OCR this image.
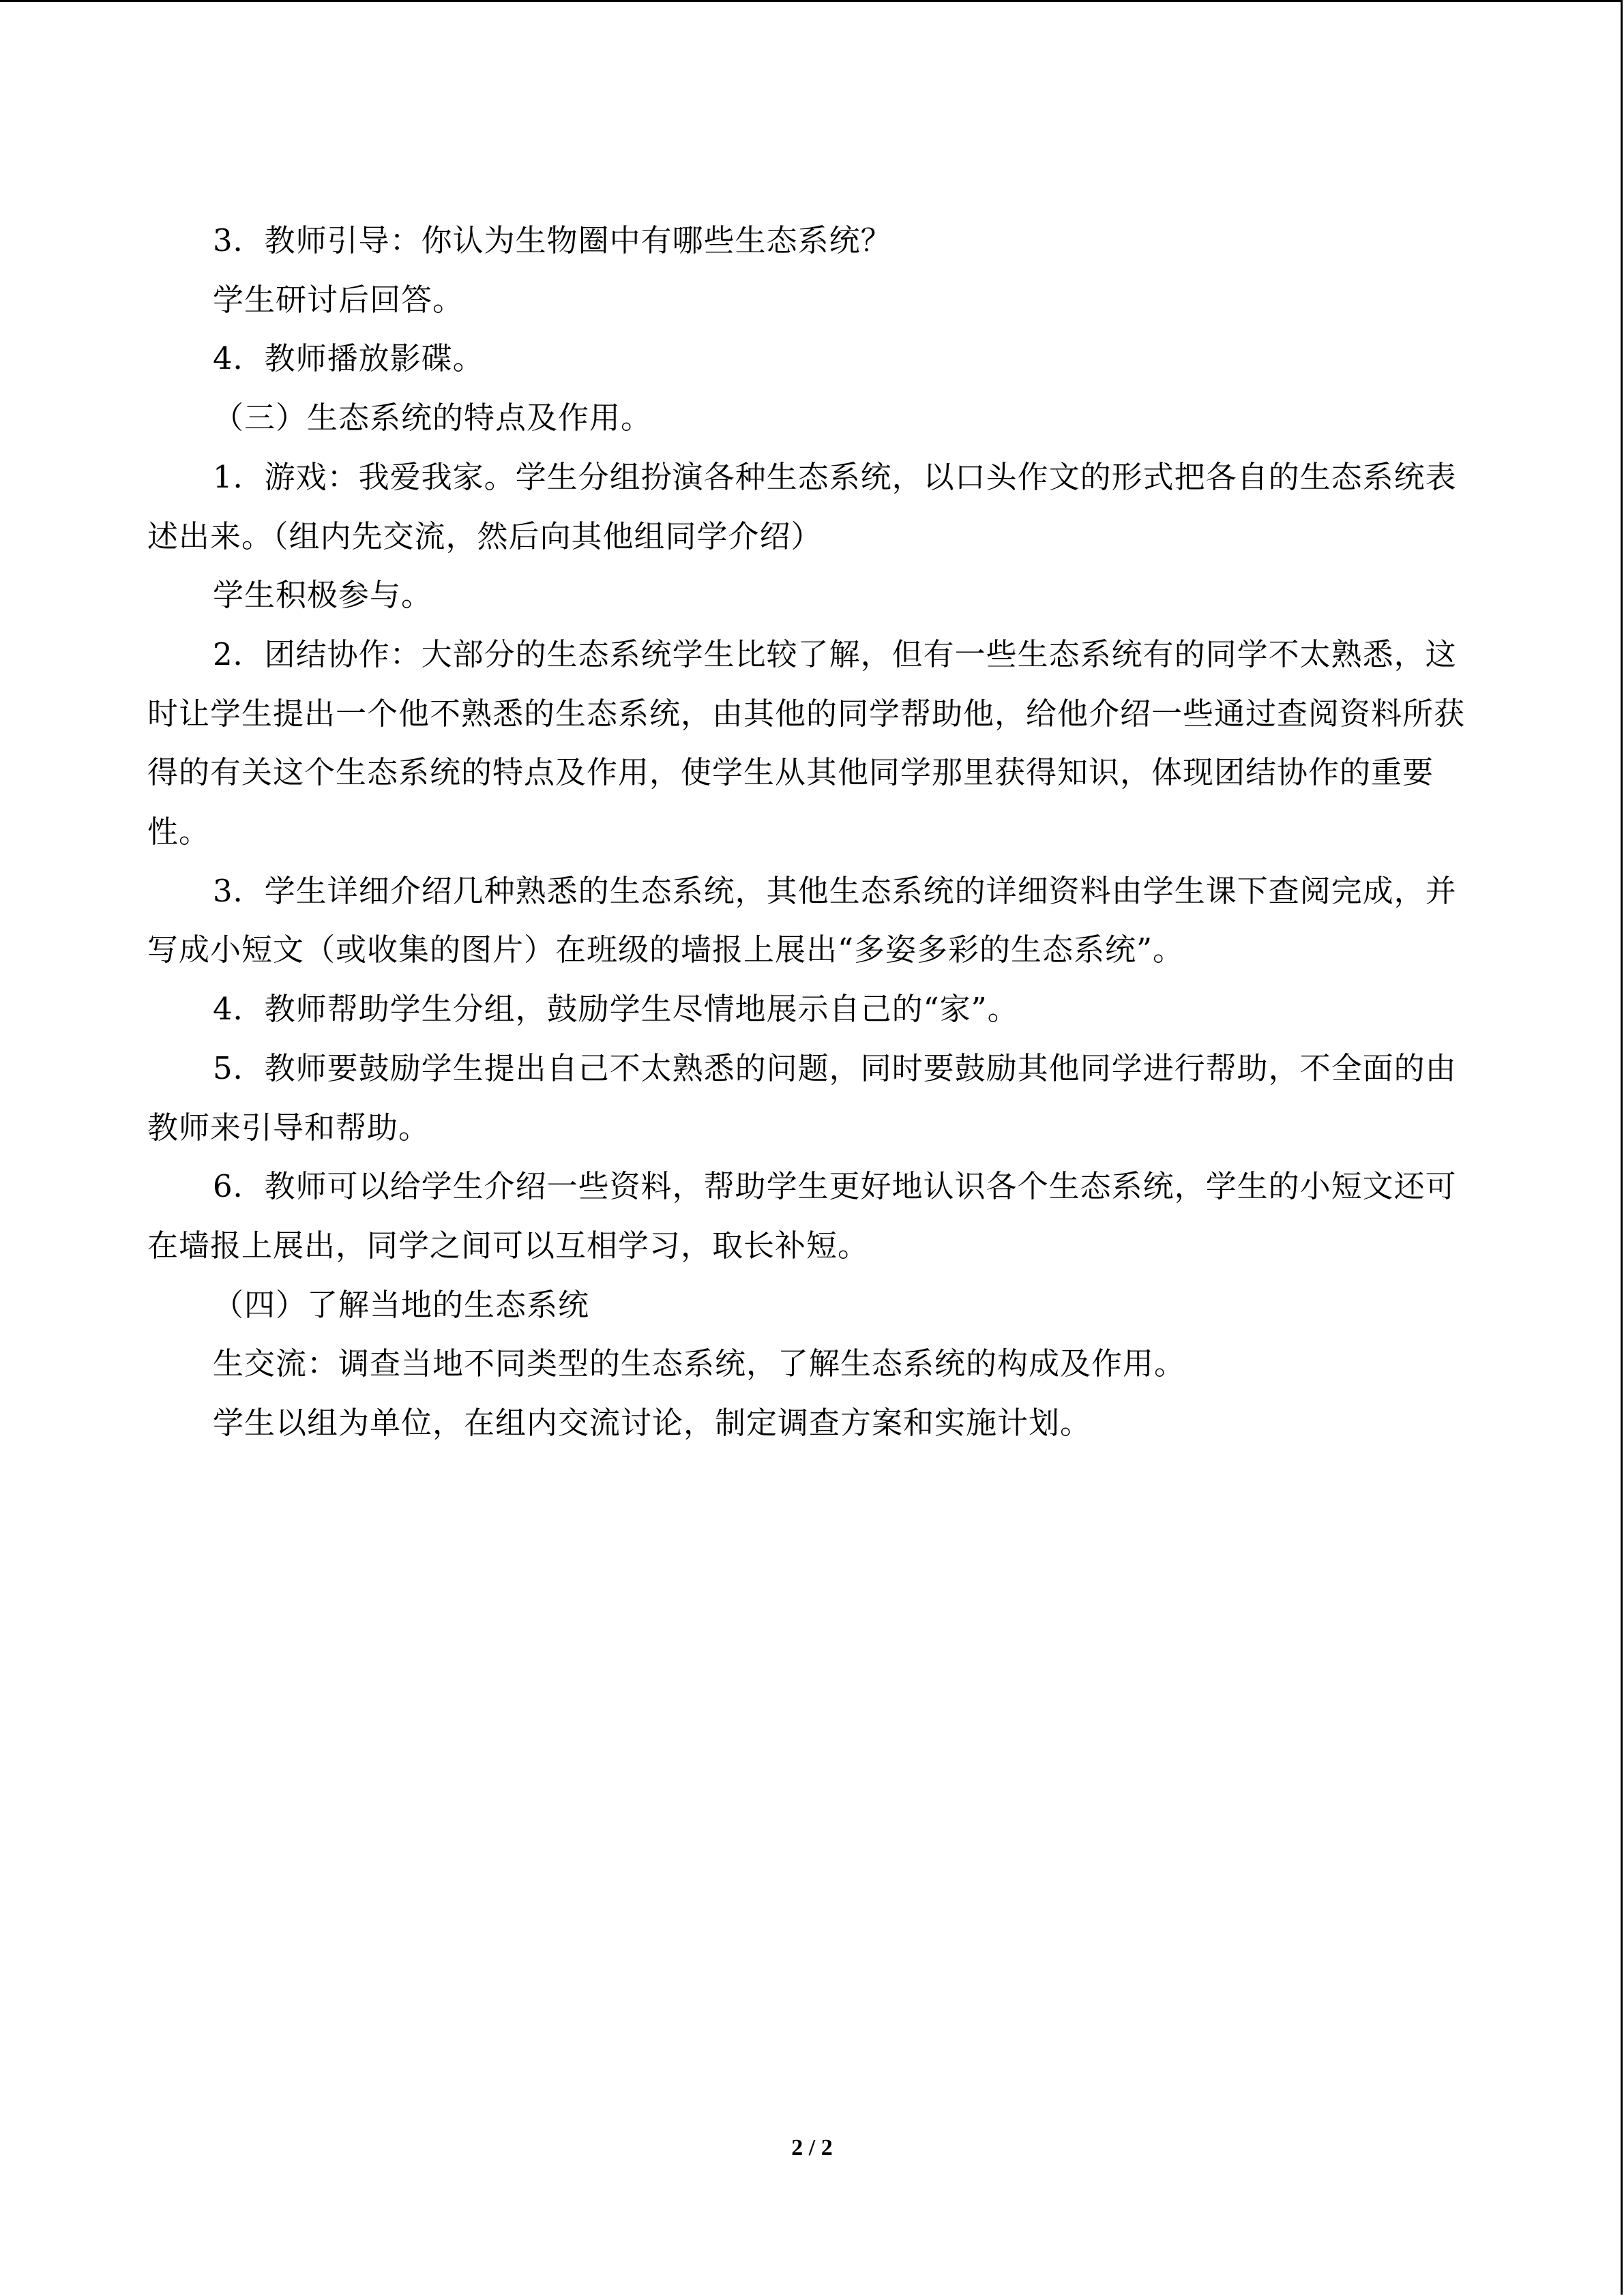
3．教师引导：你认为生物圈中有哪些生态系统？

学生研讨后回答。

4．教师播放影碟。

（三）生态系统的特点及作用。

1．游戏：我爱我家。学生分组扮演各种生态系统，以口头作文的形式把各自的生态系统表述出来。（组内先交流，然后向其他组同学介绍）

学生积极参与。

2．团结协作：大部分的生态系统学生比较了解，但有一些生态系统有的同学不太熟悉，这时让学生提出一个他不熟悉的生态系统，由其他的同学帮助他，给他介绍一些通过查阅资料所获得的有关这个生态系统的特点及作用，使学生从其他同学那里获得知识，体现团结协作的重要性。

3．学生详细介绍几种熟悉的生态系统，其他生态系统的详细资料由学生课下查阅完成，并写成小短文（或收集的图片）在班级的墙报上展出“多姿多彩的生态系统”。

4．教师帮助学生分组，鼓励学生尽情地展示自己的“家”。

5．教师要鼓励学生提出自己不太熟悉的问题，同时要鼓励其他同学进行帮助，不全面的由教师来引导和帮助。

6．教师可以给学生介绍一些资料，帮助学生更好地认识各个生态系统，学生的小短文还可在墙报上展出，同学之间可以互相学习，取长补短。

（四）了解当地的生态系统

生交流：调查当地不同类型的生态系统，了解生态系统的构成及作用。

学生以组为单位，在组内交流讨论，制定调查方案和实施计划。

2 / 2
